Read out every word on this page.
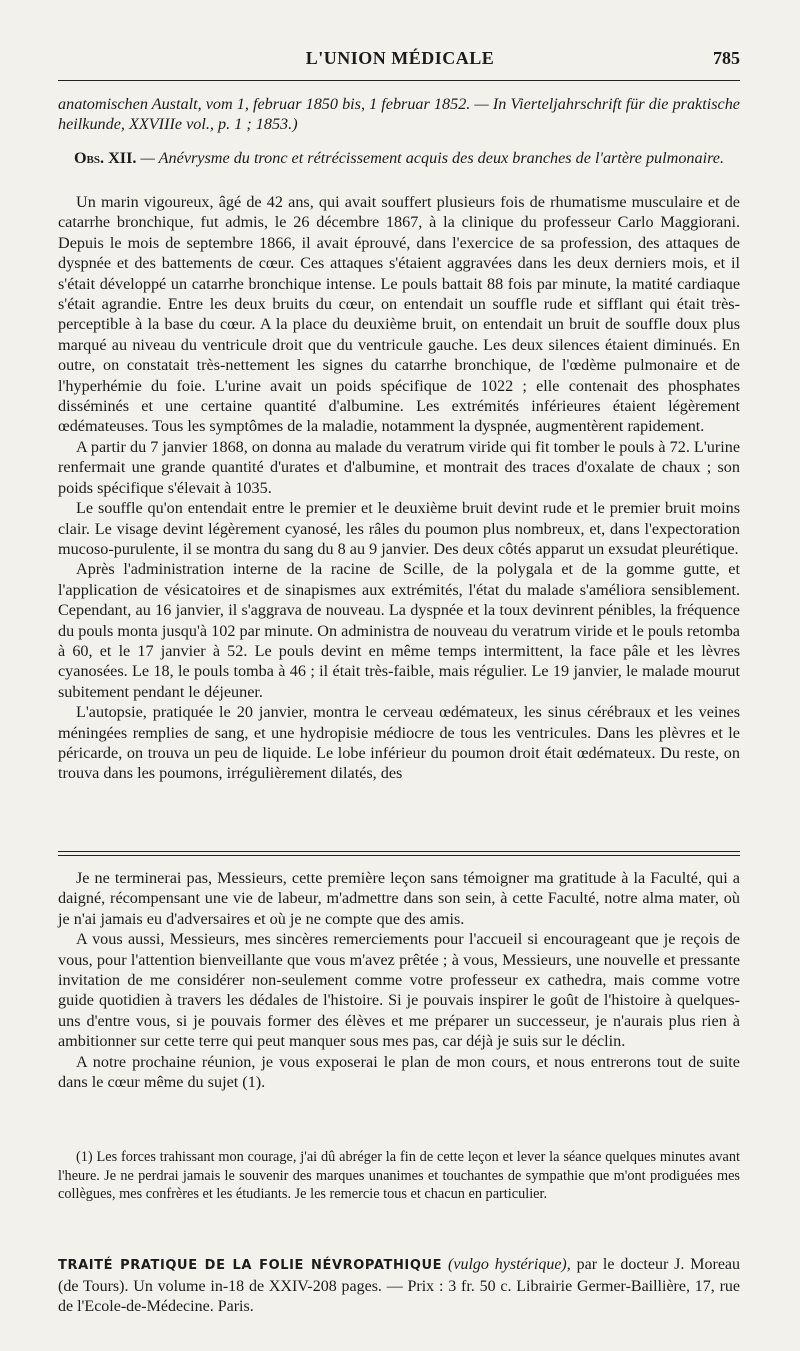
L'UNION MÉDICALE	785

anatomischen Austalt, vom 1, februar 1850 bis, 1 februar 1852. — In Vierteljahrschrift für die praktische heilkunde, XXVIIIe vol., p. 1 ; 1853.)

Obs. XII. — Anévrysme du tronc et rétrécissement acquis des deux branches de l'artère pulmonaire.

Un marin vigoureux, âgé de 42 ans, qui avait souffert plusieurs fois de rhumatisme musculaire et de catarrhe bronchique, fut admis, le 26 décembre 1867, à la clinique du professeur Carlo Maggiorani. Depuis le mois de septembre 1866, il avait éprouvé, dans l'exercice de sa profession, des attaques de dyspnée et des battements de cœur. Ces attaques s'étaient aggravées dans les deux derniers mois, et il s'était développé un catarrhe bronchique intense. Le pouls battait 88 fois par minute, la matité cardiaque s'était agrandie. Entre les deux bruits du cœur, on entendait un souffle rude et sifflant qui était très-perceptible à la base du cœur. A la place du deuxième bruit, on entendait un bruit de souffle doux plus marqué au niveau du ventricule droit que du ventricule gauche. Les deux silences étaient diminués. En outre, on constatait très-nettement les signes du catarrhe bronchique, de l'œdème pulmonaire et de l'hyperhémie du foie. L'urine avait un poids spécifique de 1022 ; elle contenait des phosphates disséminés et une certaine quantité d'albumine. Les extrémités inférieures étaient légèrement œdémateuses. Tous les symptômes de la maladie, notamment la dyspnée, augmentèrent rapidement.

A partir du 7 janvier 1868, on donna au malade du veratrum viride qui fit tomber le pouls à 72. L'urine renfermait une grande quantité d'urates et d'albumine, et montrait des traces d'oxalate de chaux ; son poids spécifique s'élevait à 1035.

Le souffle qu'on entendait entre le premier et le deuxième bruit devint rude et le premier bruit moins clair. Le visage devint légèrement cyanosé, les râles du poumon plus nombreux, et, dans l'expectoration mucoso-purulente, il se montra du sang du 8 au 9 janvier. Des deux côtés apparut un exsudat pleurétique.

Après l'administration interne de la racine de Scille, de la polygala et de la gomme gutte, et l'application de vésicatoires et de sinapismes aux extrémités, l'état du malade s'améliora sensiblement. Cependant, au 16 janvier, il s'aggrava de nouveau. La dyspnée et la toux devinrent pénibles, la fréquence du pouls monta jusqu'à 102 par minute. On administra de nouveau du veratrum viride et le pouls retomba à 60, et le 17 janvier à 52. Le pouls devint en même temps intermittent, la face pâle et les lèvres cyanosées. Le 18, le pouls tomba à 46 ; il était très-faible, mais régulier. Le 19 janvier, le malade mourut subitement pendant le déjeuner.

L'autopsie, pratiquée le 20 janvier, montra le cerveau œdémateux, les sinus cérébraux et les veines méningées remplies de sang, et une hydropisie médiocre de tous les ventricules. Dans les plèvres et le péricarde, on trouva un peu de liquide. Le lobe inférieur du poumon droit était œdémateux. Du reste, on trouva dans les poumons, irrégulièrement dilatés, des

Je ne terminerai pas, Messieurs, cette première leçon sans témoigner ma gratitude à la Faculté, qui a daigné, récompensant une vie de labeur, m'admettre dans son sein, à cette Faculté, notre alma mater, où je n'ai jamais eu d'adversaires et où je ne compte que des amis.

A vous aussi, Messieurs, mes sincères remerciements pour l'accueil si encourageant que je reçois de vous, pour l'attention bienveillante que vous m'avez prêtée ; à vous, Messieurs, une nouvelle et pressante invitation de me considérer non-seulement comme votre professeur ex cathedra, mais comme votre guide quotidien à travers les dédales de l'histoire. Si je pouvais inspirer le goût de l'histoire à quelques-uns d'entre vous, si je pouvais former des élèves et me préparer un successeur, je n'aurais plus rien à ambitionner sur cette terre qui peut manquer sous mes pas, car déjà je suis sur le déclin.

A notre prochaine réunion, je vous exposerai le plan de mon cours, et nous entrerons tout de suite dans le cœur même du sujet (1).

(1) Les forces trahissant mon courage, j'ai dû abréger la fin de cette leçon et lever la séance quelques minutes avant l'heure. Je ne perdrai jamais le souvenir des marques unanimes et touchantes de sympathie que m'ont prodiguées mes collègues, mes confrères et les étudiants. Je les remercie tous et chacun en particulier.

TRAITÉ PRATIQUE DE LA FOLIE NÉVROPATHIQUE (vulgo hystérique), par le docteur J. Moreau (de Tours). Un volume in-18 de XXIV-208 pages. — Prix : 3 fr. 50 c. Librairie Germer-Baillière, 17, rue de l'Ecole-de-Médecine. Paris.
